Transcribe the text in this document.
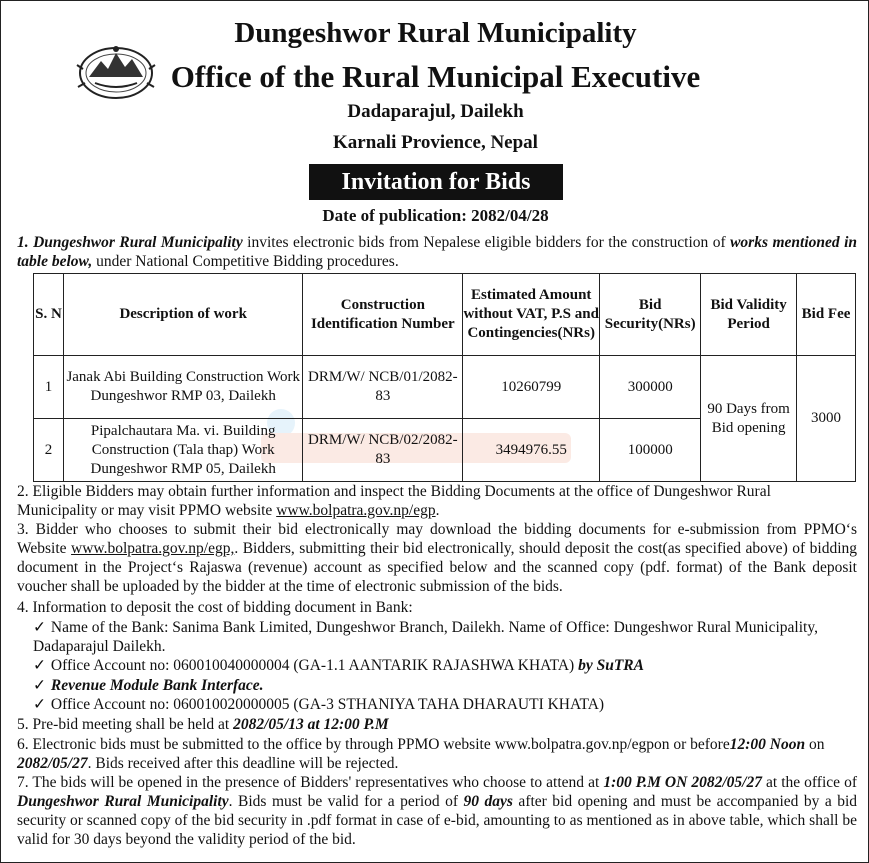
Dungeshwor Rural Municipality
Office of the Rural Municipal Executive
Dadaparajul, Dailekh
Karnali Provience, Nepal
Invitation for Bids
Date of publication: 2082/04/28
1. Dungeshwor Rural Municipality invites electronic bids from Nepalese eligible bidders for the construction of works mentioned in table below, under National Competitive Bidding procedures.
S. N	Description of work	Construction Identification Number	Estimated Amount without VAT, P.S and Contingencies(NRs)	Bid Security(NRs)	Bid Validity Period	Bid Fee
1	Janak Abi Building Construction Work Dungeshwor RMP 03, Dailekh	DRM/W/ NCB/01/2082-83	10260799	300000	90 Days from Bid opening	3000
2	Pipalchautara Ma. vi. Building Construction (Tala thap) Work Dungeshwor RMP 05, Dailekh	DRM/W/ NCB/02/2082-83	3494976.55	100000		
2. Eligible Bidders may obtain further information and inspect the Bidding Documents at the office of Dungeshwor Rural Municipality or may visit PPMO website www.bolpatra.gov.np/egp.
3. Bidder who chooses to submit their bid electronically may download the bidding documents for e-submission from PPMO‘s Website www.bolpatra.gov.np/egp,. Bidders, submitting their bid electronically, should deposit the cost(as specified above) of bidding document in the Project‘s Rajaswa (revenue) account as specified below and the scanned copy (pdf. format) of the Bank deposit voucher shall be uploaded by the bidder at the time of electronic submission of the bids.
4. Information to deposit the cost of bidding document in Bank:
✓ Name of the Bank: Sanima Bank Limited, Dungeshwor Branch, Dailekh. Name of Office: Dungeshwor Rural Municipality, Dadaparajul Dailekh.
✓ Office Account no: 060010040000004 (GA-1.1 AANTARIK RAJASHWA KHATA) by SuTRA
✓ Revenue Module Bank Interface.
✓ Office Account no: 060010020000005 (GA-3 STHANIYA TAHA DHARAUTI KHATA)
5. Pre-bid meeting shall be held at 2082/05/13 at 12:00 P.M
6. Electronic bids must be submitted to the office by through PPMO website www.bolpatra.gov.np/egpon or before12:00 Noon on 2082/05/27. Bids received after this deadline will be rejected.
7. The bids will be opened in the presence of Bidders' representatives who choose to attend at 1:00 P.M ON 2082/05/27 at the office of Dungeshwor Rural Municipality. Bids must be valid for a period of 90 days after bid opening and must be accompanied by a bid security or scanned copy of the bid security in .pdf format in case of e-bid, amounting to as mentioned as in above table, which shall be valid for 30 days beyond the validity period of the bid.
